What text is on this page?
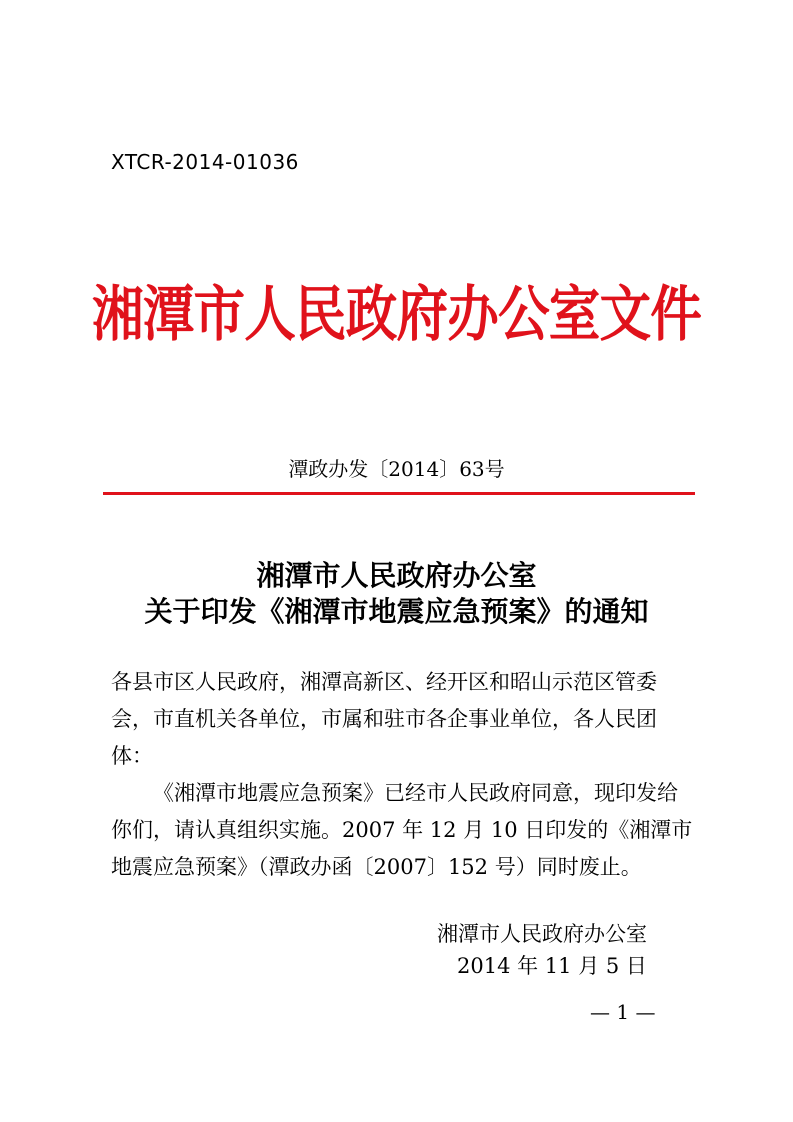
XTCR-2014-01036
湘潭市人民政府办公室文件
潭政办发〔2014〕63号
湘潭市人民政府办公室
关于印发《湘潭市地震应急预案》的通知

各县市区人民政府，湘潭高新区、经开区和昭山示范区管委会，市直机关各单位，市属和驻市各企事业单位，各人民团体：

《湘潭市地震应急预案》已经市人民政府同意，现印发给你们，请认真组织实施。2007 年 12 月 10 日印发的《湘潭市地震应急预案》（潭政办函〔2007〕152 号）同时废止。

湘潭市人民政府办公室
2014 年 11 月 5 日
— 1 —
